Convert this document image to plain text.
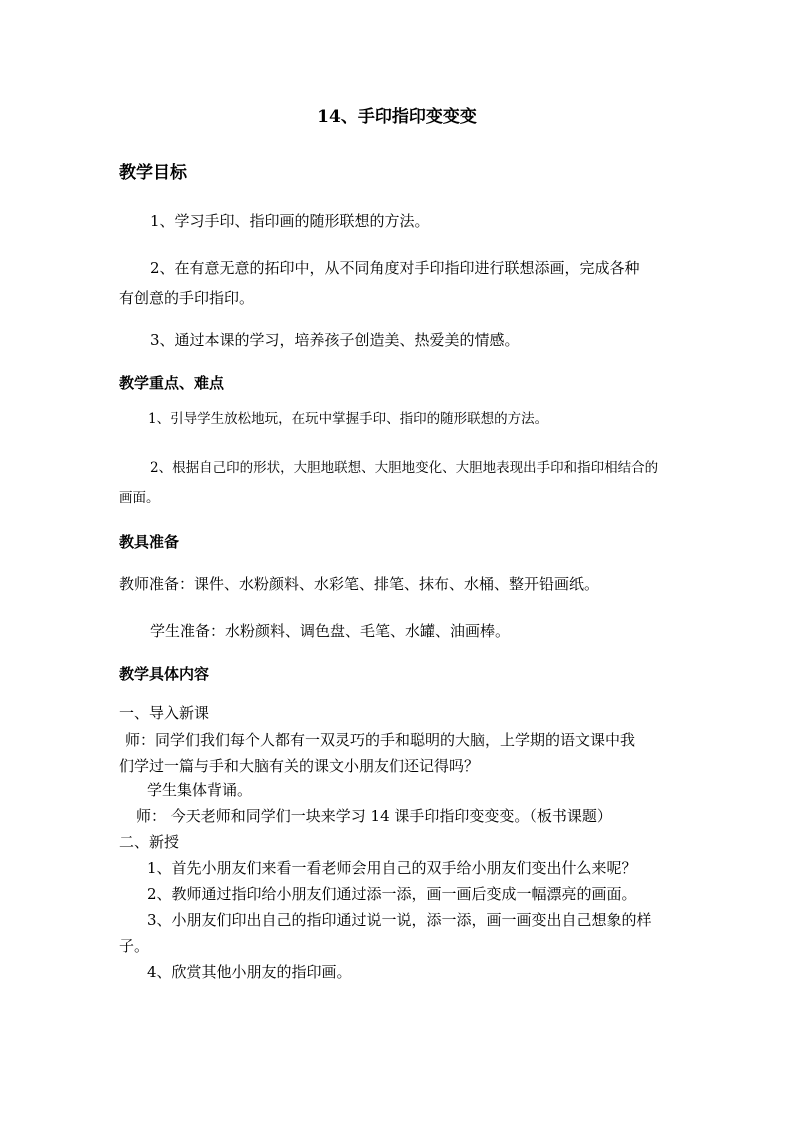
14、手印指印变变变
教学目标
1、学习手印、指印画的随形联想的方法。
2、在有意无意的拓印中，从不同角度对手印指印进行联想添画，完成各种
有创意的手印指印。
3、通过本课的学习，培养孩子创造美、热爱美的情感。
教学重点、难点
1、引导学生放松地玩，在玩中掌握手印、指印的随形联想的方法。
2、根据自己印的形状，大胆地联想、大胆地变化、大胆地表现出手印和指印相结合的
画面。
教具准备
教师准备：课件、水粉颜料、水彩笔、排笔、抹布、水桶、整开铅画纸。
学生准备：水粉颜料、调色盘、毛笔、水罐、油画棒。
教学具体内容
一、导入新课
师：同学们我们每个人都有一双灵巧的手和聪明的大脑，上学期的语文课中我
们学过一篇与手和大脑有关的课文小朋友们还记得吗？
学生集体背诵。
师： 今天老师和同学们一块来学习 14 课手印指印变变变。（板书课题）
二、新授
1、首先小朋友们来看一看老师会用自己的双手给小朋友们变出什么来呢？
2、教师通过指印给小朋友们通过添一添，画一画后变成一幅漂亮的画面。
3、小朋友们印出自己的指印通过说一说，添一添，画一画变出自己想象的样
子。
4、欣赏其他小朋友的指印画。
